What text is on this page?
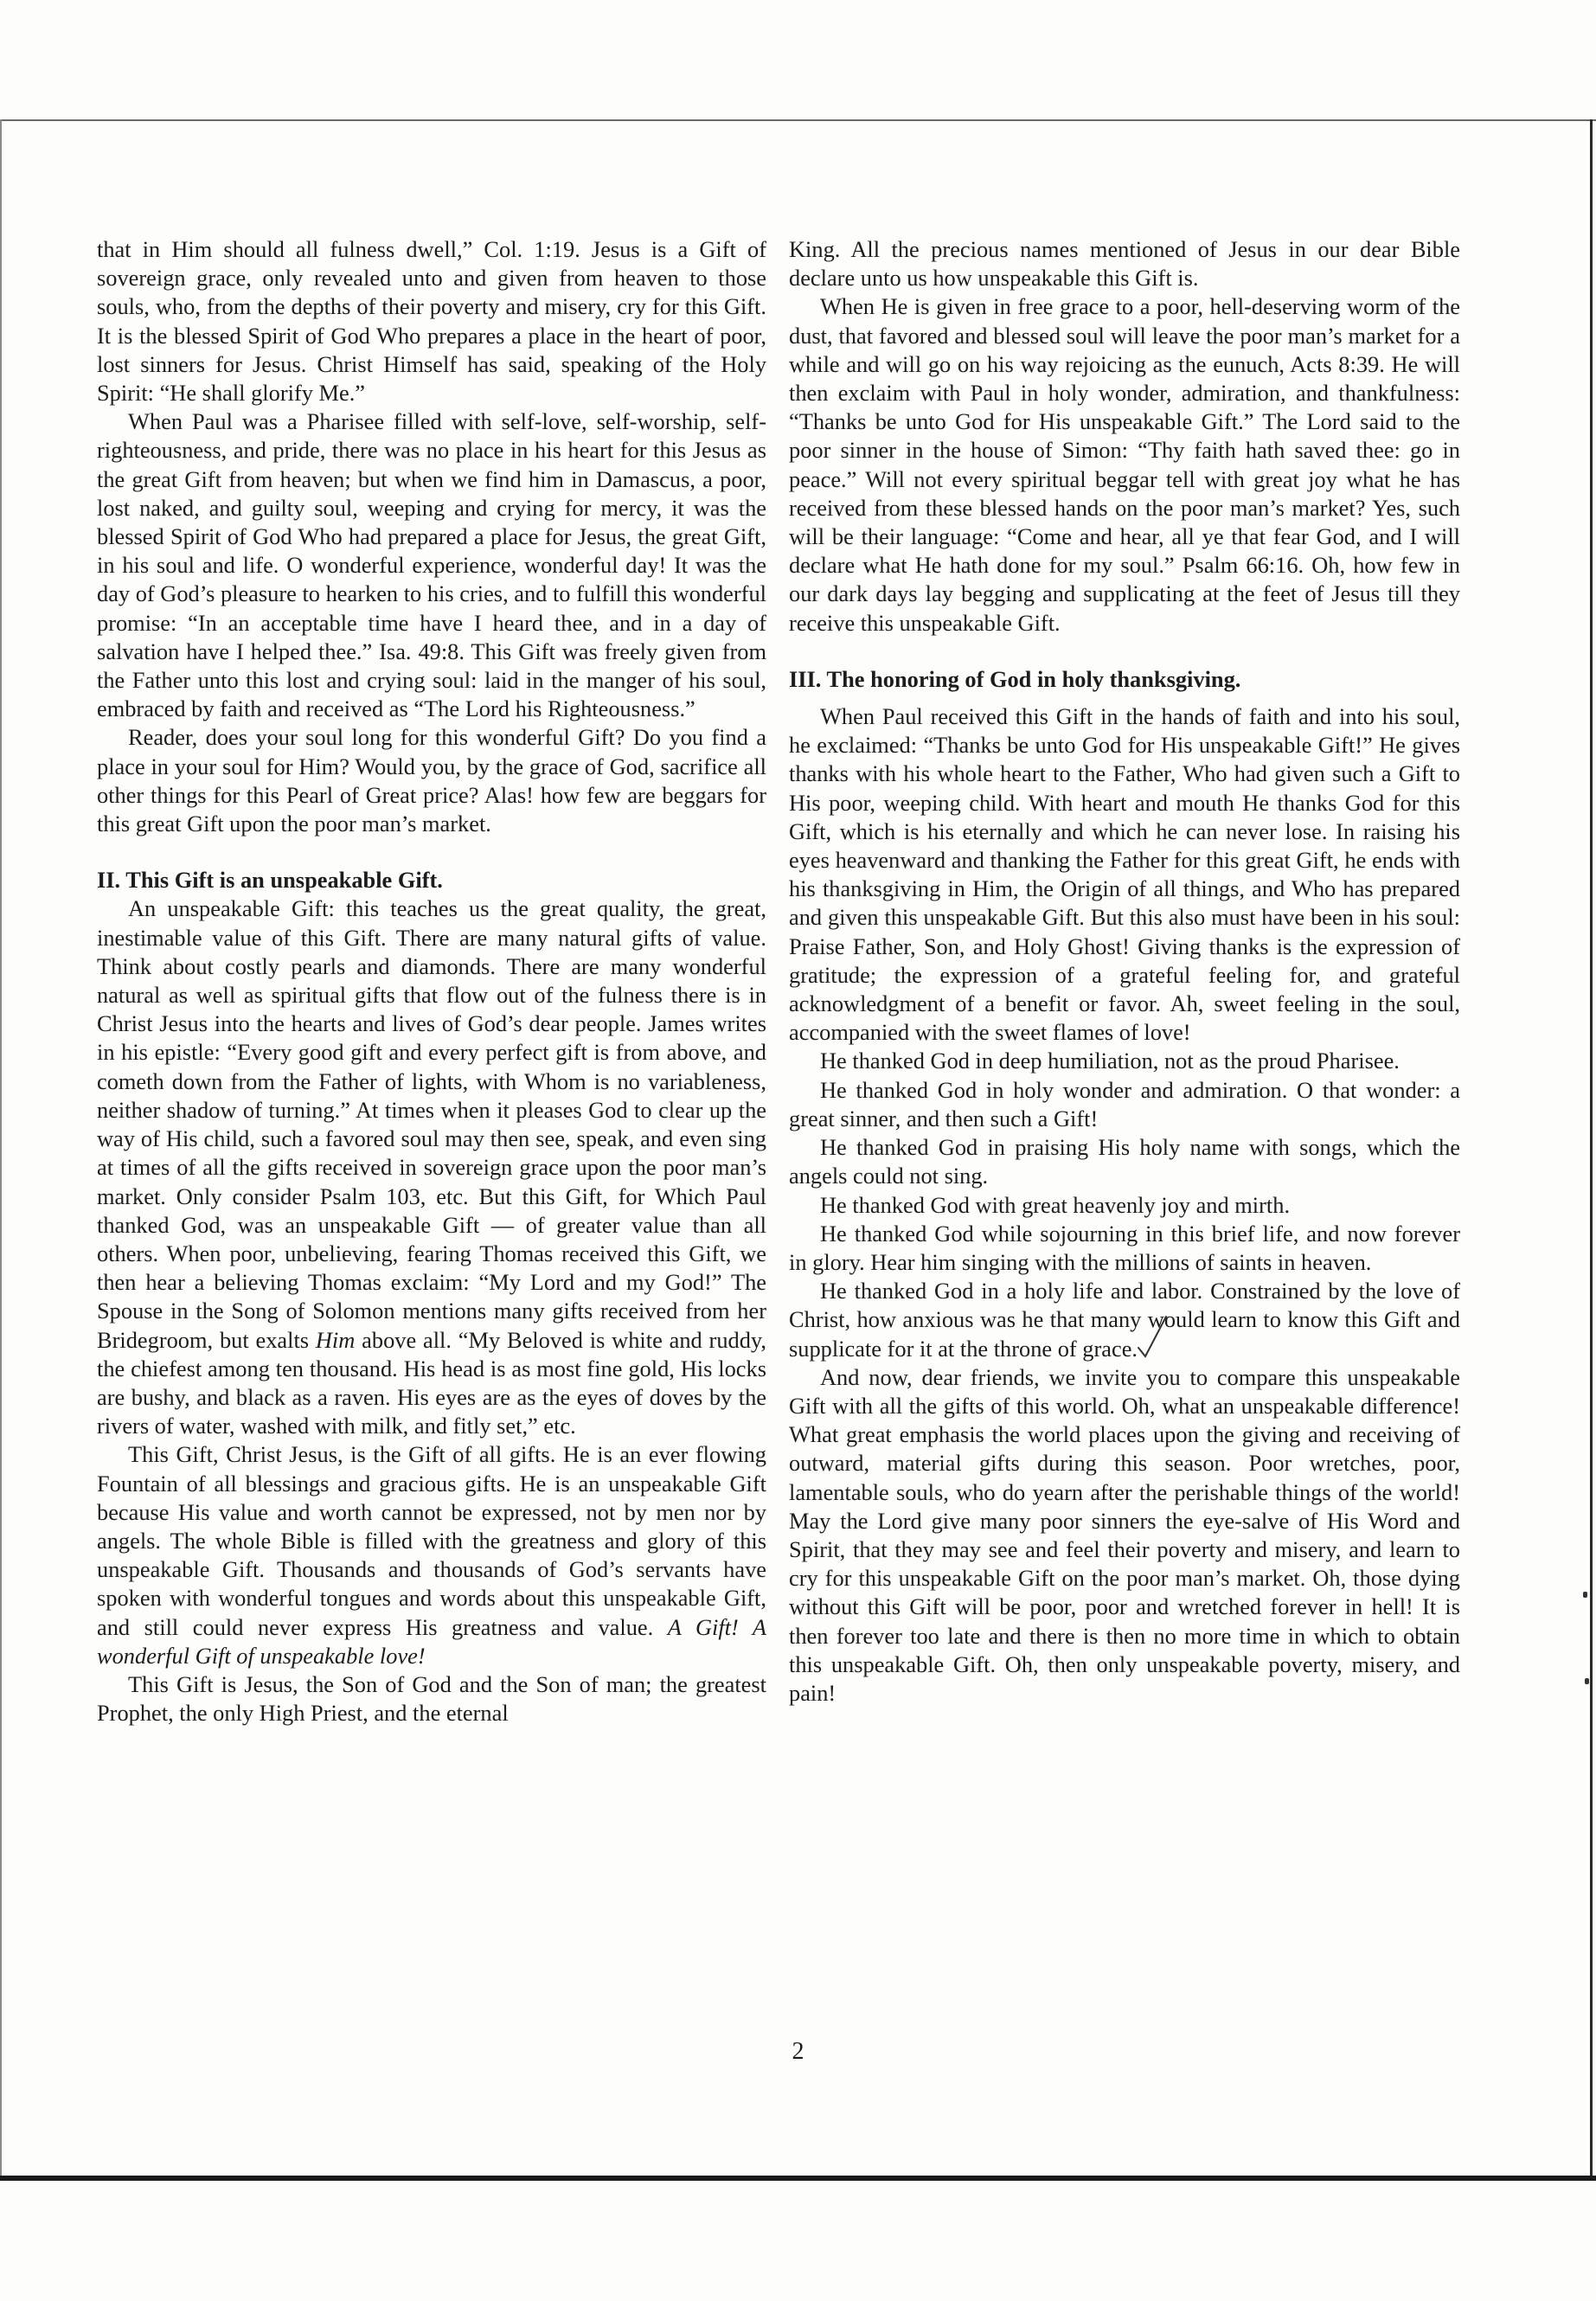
that in Him should all fulness dwell,” Col. 1:19. Jesus is a Gift of sovereign grace, only revealed unto and given from heaven to those souls, who, from the depths of their poverty and misery, cry for this Gift. It is the blessed Spirit of God Who prepares a place in the heart of poor, lost sinners for Jesus. Christ Himself has said, speaking of the Holy Spirit: “He shall glorify Me.”

When Paul was a Pharisee filled with self-love, self-worship, self-righteousness, and pride, there was no place in his heart for this Jesus as the great Gift from heaven; but when we find him in Damascus, a poor, lost naked, and guilty soul, weeping and crying for mercy, it was the blessed Spirit of God Who had prepared a place for Jesus, the great Gift, in his soul and life. O wonderful experience, wonderful day! It was the day of God’s pleasure to hearken to his cries, and to fulfill this wonderful promise: “In an acceptable time have I heard thee, and in a day of salvation have I helped thee.” Isa. 49:8. This Gift was freely given from the Father unto this lost and crying soul: laid in the manger of his soul, embraced by faith and received as “The Lord his Righteousness.”

Reader, does your soul long for this wonderful Gift? Do you find a place in your soul for Him? Would you, by the grace of God, sacrifice all other things for this Pearl of Great price? Alas! how few are beggars for this great Gift upon the poor man’s market.

II. This Gift is an unspeakable Gift.

An unspeakable Gift: this teaches us the great quality, the great, inestimable value of this Gift. There are many natural gifts of value. Think about costly pearls and diamonds. There are many wonderful natural as well as spiritual gifts that flow out of the fulness there is in Christ Jesus into the hearts and lives of God’s dear people. James writes in his epistle: “Every good gift and every perfect gift is from above, and cometh down from the Father of lights, with Whom is no variableness, neither shadow of turning.” At times when it pleases God to clear up the way of His child, such a favored soul may then see, speak, and even sing at times of all the gifts received in sovereign grace upon the poor man’s market. Only consider Psalm 103, etc. But this Gift, for Which Paul thanked God, was an unspeakable Gift — of greater value than all others. When poor, unbelieving, fearing Thomas received this Gift, we then hear a believing Thomas exclaim: “My Lord and my God!” The Spouse in the Song of Solomon mentions many gifts received from her Bridegroom, but exalts Him above all. “My Beloved is white and ruddy, the chiefest among ten thousand. His head is as most fine gold, His locks are bushy, and black as a raven. His eyes are as the eyes of doves by the rivers of water, washed with milk, and fitly set,” etc.

This Gift, Christ Jesus, is the Gift of all gifts. He is an ever flowing Fountain of all blessings and gracious gifts. He is an unspeakable Gift because His value and worth cannot be expressed, not by men nor by angels. The whole Bible is filled with the greatness and glory of this unspeakable Gift. Thousands and thousands of God’s servants have spoken with wonderful tongues and words about this unspeakable Gift, and still could never express His greatness and value. A Gift! A wonderful Gift of unspeakable love!

This Gift is Jesus, the Son of God and the Son of man; the greatest Prophet, the only High Priest, and the eternal

King. All the precious names mentioned of Jesus in our dear Bible declare unto us how unspeakable this Gift is.

When He is given in free grace to a poor, hell-deserving worm of the dust, that favored and blessed soul will leave the poor man’s market for a while and will go on his way rejoicing as the eunuch, Acts 8:39. He will then exclaim with Paul in holy wonder, admiration, and thankfulness: “Thanks be unto God for His unspeakable Gift.” The Lord said to the poor sinner in the house of Simon: “Thy faith hath saved thee: go in peace.” Will not every spiritual beggar tell with great joy what he has received from these blessed hands on the poor man’s market? Yes, such will be their language: “Come and hear, all ye that fear God, and I will declare what He hath done for my soul.” Psalm 66:16. Oh, how few in our dark days lay begging and supplicating at the feet of Jesus till they receive this unspeakable Gift.

III. The honoring of God in holy thanksgiving.

When Paul received this Gift in the hands of faith and into his soul, he exclaimed: “Thanks be unto God for His unspeakable Gift!” He gives thanks with his whole heart to the Father, Who had given such a Gift to His poor, weeping child. With heart and mouth He thanks God for this Gift, which is his eternally and which he can never lose. In raising his eyes heavenward and thanking the Father for this great Gift, he ends with his thanksgiving in Him, the Origin of all things, and Who has prepared and given this unspeakable Gift. But this also must have been in his soul: Praise Father, Son, and Holy Ghost! Giving thanks is the expression of gratitude; the expression of a grateful feeling for, and grateful acknowledgment of a benefit or favor. Ah, sweet feeling in the soul, accompanied with the sweet flames of love!

He thanked God in deep humiliation, not as the proud Pharisee.

He thanked God in holy wonder and admiration. O that wonder: a great sinner, and then such a Gift!

He thanked God in praising His holy name with songs, which the angels could not sing.

He thanked God with great heavenly joy and mirth.

He thanked God while sojourning in this brief life, and now forever in glory. Hear him singing with the millions of saints in heaven.

He thanked God in a holy life and labor. Constrained by the love of Christ, how anxious was he that many would learn to know this Gift and supplicate for it at the throne of grace.

And now, dear friends, we invite you to compare this unspeakable Gift with all the gifts of this world. Oh, what an unspeakable difference! What great emphasis the world places upon the giving and receiving of outward, material gifts during this season. Poor wretches, poor, lamentable souls, who do yearn after the perishable things of the world! May the Lord give many poor sinners the eye-salve of His Word and Spirit, that they may see and feel their poverty and misery, and learn to cry for this unspeakable Gift on the poor man’s market. Oh, those dying without this Gift will be poor, poor and wretched forever in hell! It is then forever too late and there is then no more time in which to obtain this unspeakable Gift. Oh, then only unspeakable poverty, misery, and pain!

2
